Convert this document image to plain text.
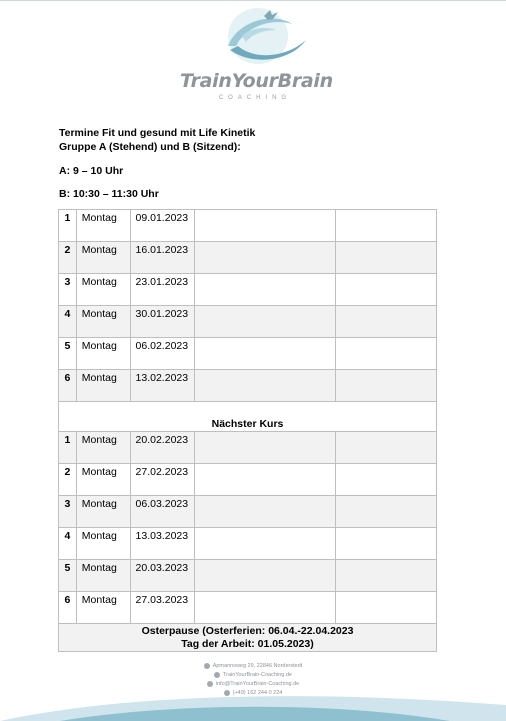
TrainYourBrain
COACHING
Termine Fit und gesund mit Life Kinetik
Gruppe A (Stehend) und B (Sitzend):
A: 9 – 10 Uhr
B: 10:30 – 11:30 Uhr
1	Montag	09.01.2023		
2	Montag	16.01.2023		
3	Montag	23.01.2023		
4	Montag	30.01.2023		
5	Montag	06.02.2023		
6	Montag	13.02.2023		
Nächster Kurs				
1	Montag	20.02.2023		
2	Montag	27.02.2023		
3	Montag	06.03.2023		
4	Montag	13.03.2023		
5	Montag	20.03.2023		
6	Montag	27.03.2023		
Osterpause (Osterferien: 06.04.-22.04.2023
Tag der Arbeit: 01.05.2023)				
Apmannsweg 29, 22846 Norderstedt
TrainYourBrain-Coaching.de
info@TrainYourBrain-Coaching.de
(+49) 162 244 0 224
